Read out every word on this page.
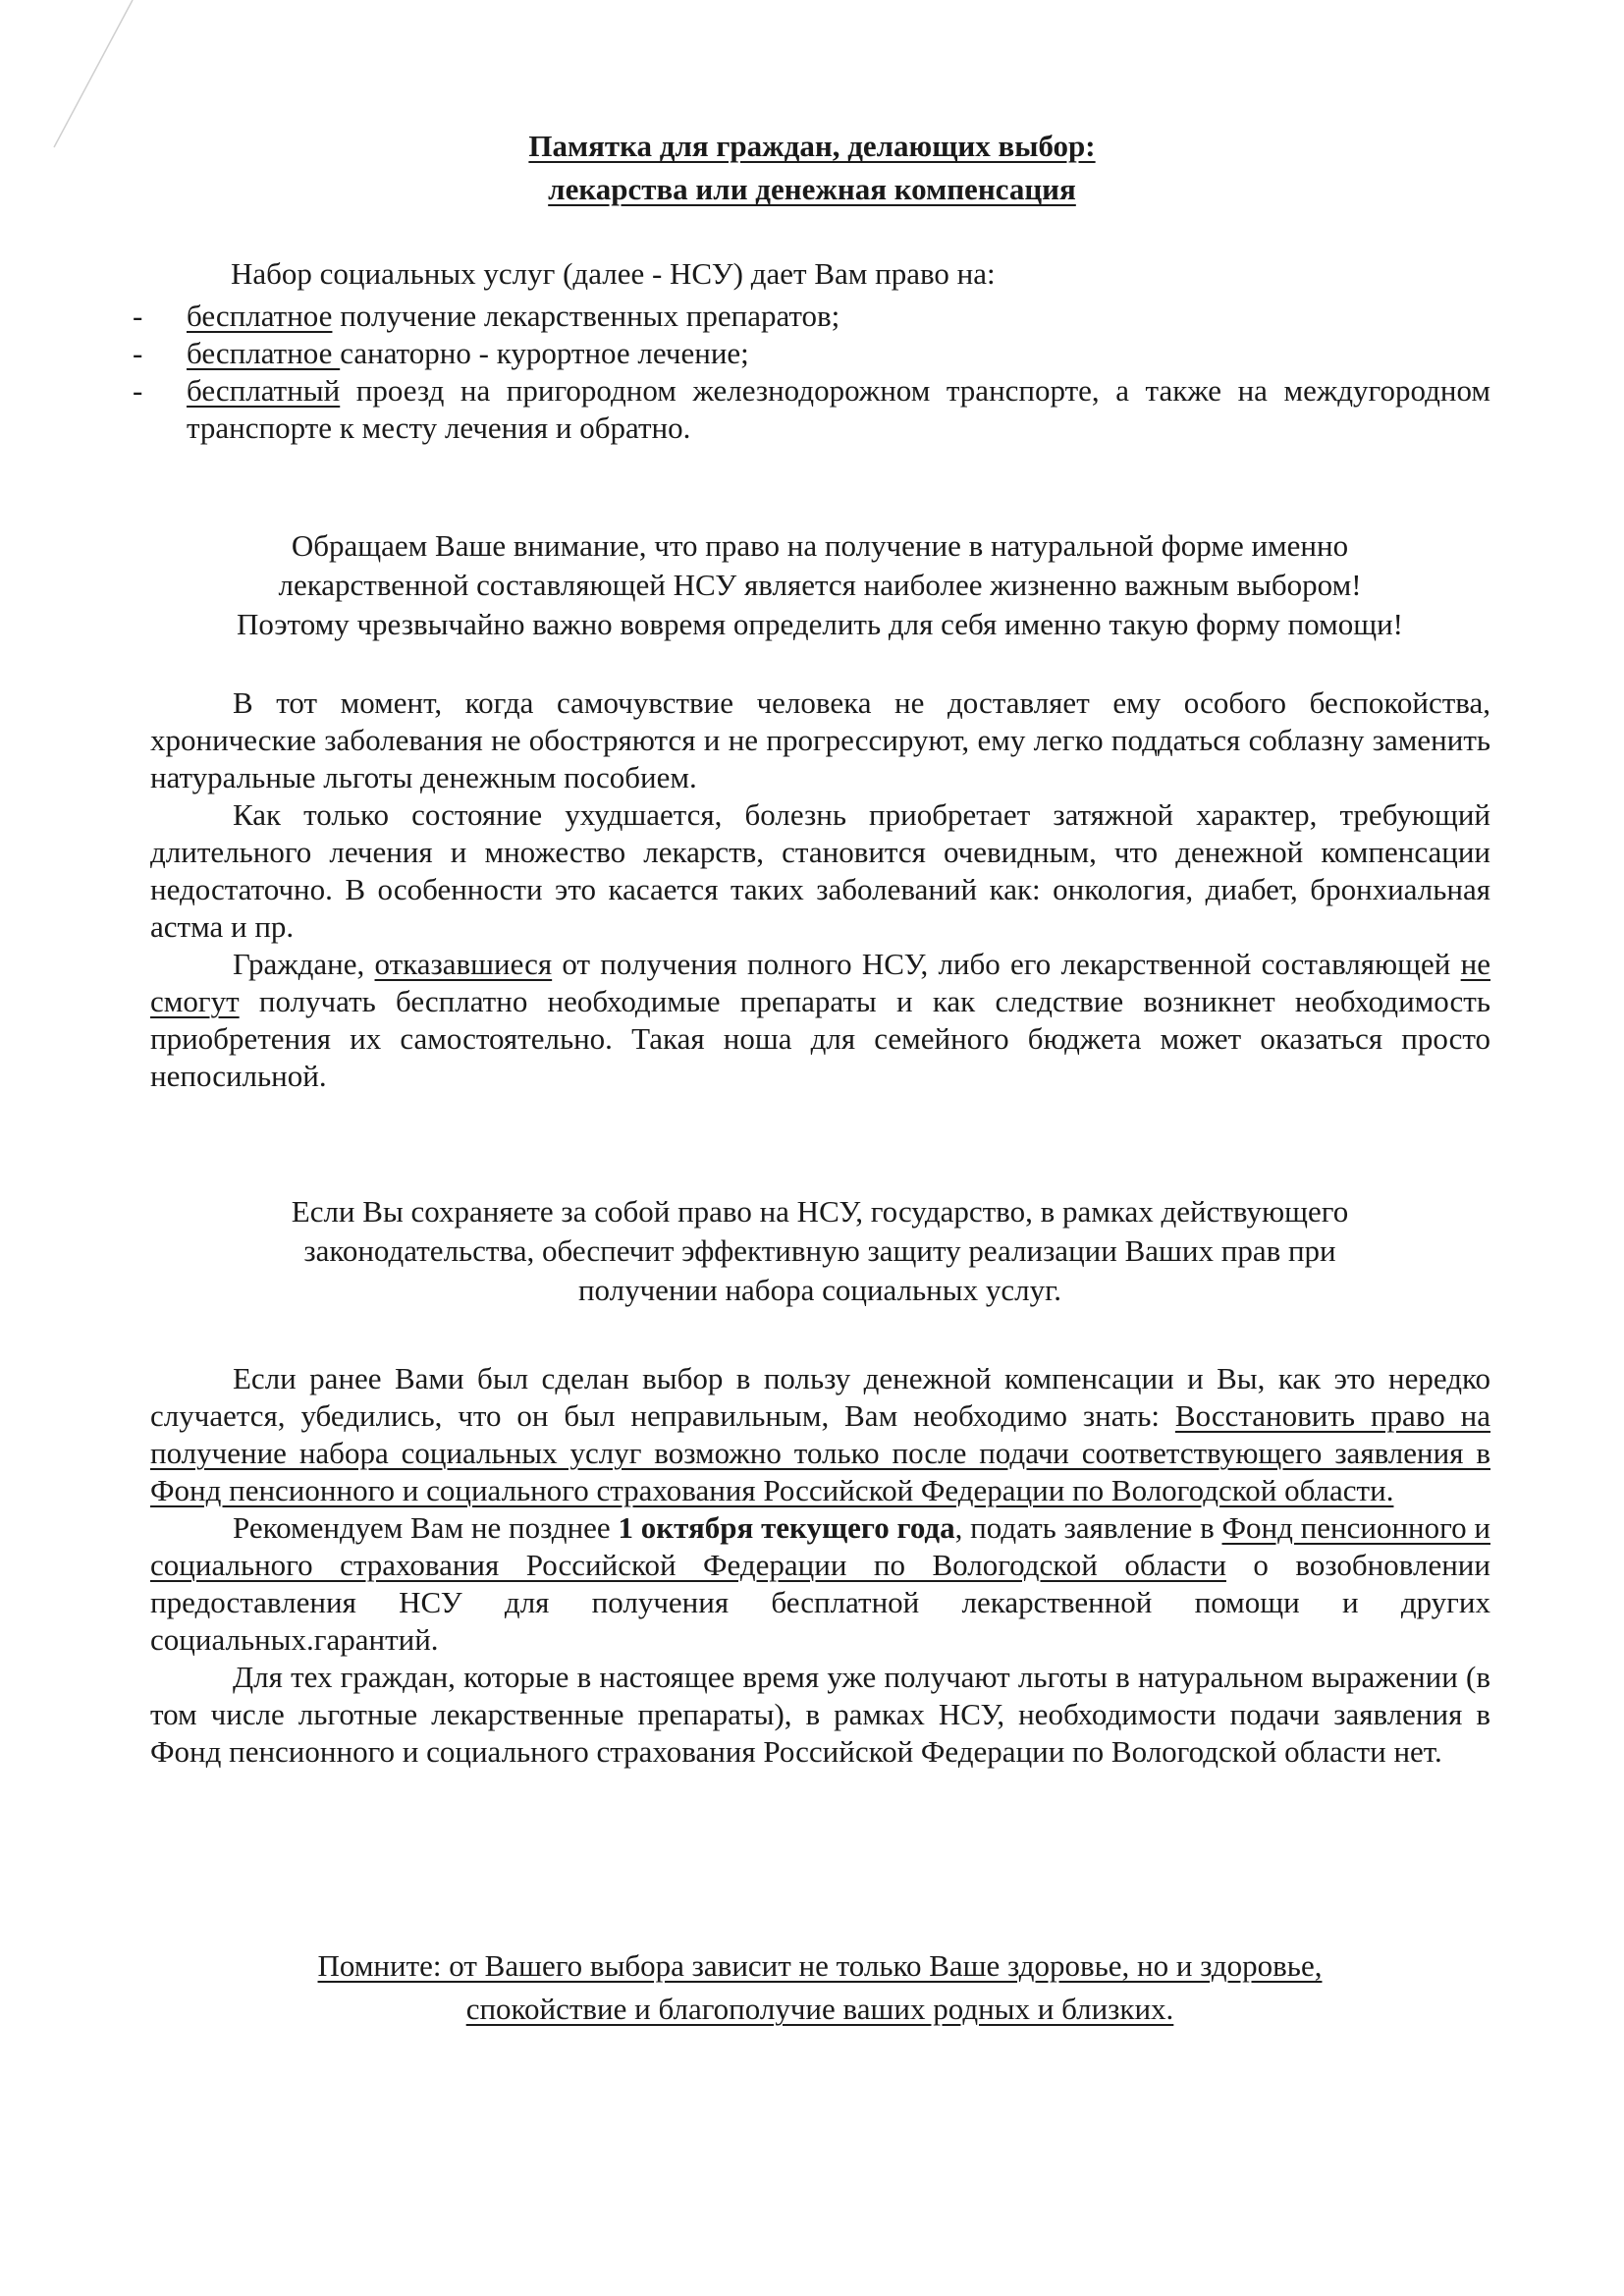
Памятка для граждан, делающих выбор:
лекарства или денежная компенсация
Набор социальных услуг (далее - НСУ) дает Вам право на:
- бесплатное получение лекарственных препаратов;
- бесплатное санаторно - курортное лечение;
- бесплатный проезд на пригородном железнодорожном транспорте, а также на междугородном транспорте к месту лечения и обратно.
Обращаем Ваше внимание, что право на получение в натуральной форме именно
лекарственной составляющей НСУ является наиболее жизненно важным выбором!
Поэтому чрезвычайно важно вовремя определить для себя именно такую форму помощи!

В тот момент, когда самочувствие человека не доставляет ему особого беспокойства, хронические заболевания не обостряются и не прогрессируют, ему легко поддаться соблазну заменить натуральные льготы денежным пособием.

Как только состояние ухудшается, болезнь приобретает затяжной характер, требующий длительного лечения и множество лекарств, становится очевидным, что денежной компенсации недостаточно. В особенности это касается таких заболеваний как: онкология, диабет, бронхиальная астма и пр.

Граждане, отказавшиеся от получения полного НСУ, либо его лекарственной составляющей не смогут получать бесплатно необходимые препараты и как следствие возникнет необходимость приобретения их самостоятельно. Такая ноша для семейного бюджета может оказаться просто непосильной.

Если Вы сохраняете за собой право на НСУ, государство, в рамках действующего
законодательства, обеспечит эффективную защиту реализации Ваших прав при
получении набора социальных услуг.

Если ранее Вами был сделан выбор в пользу денежной компенсации и Вы, как это нередко случается, убедились, что он был неправильным, Вам необходимо знать: Восстановить право на получение набора социальных услуг возможно только после подачи соответствующего заявления в Фонд пенсионного и социального страхования Российской Федерации по Вологодской области.

Рекомендуем Вам не позднее 1 октября текущего года, подать заявление в Фонд пенсионного и социального страхования Российской Федерации по Вологодской области о возобновлении предоставления НСУ для получения бесплатной лекарственной помощи и других социальных.гарантий.

Для тех граждан, которые в настоящее время уже получают льготы в натуральном выражении (в том числе льготные лекарственные препараты), в рамках НСУ, необходимости подачи заявления в Фонд пенсионного и социального страхования Российской Федерации по Вологодской области нет.

Помните: от Вашего выбора зависит не только Ваше здоровье, но и здоровье,
спокойствие и благополучие ваших родных и близких.
